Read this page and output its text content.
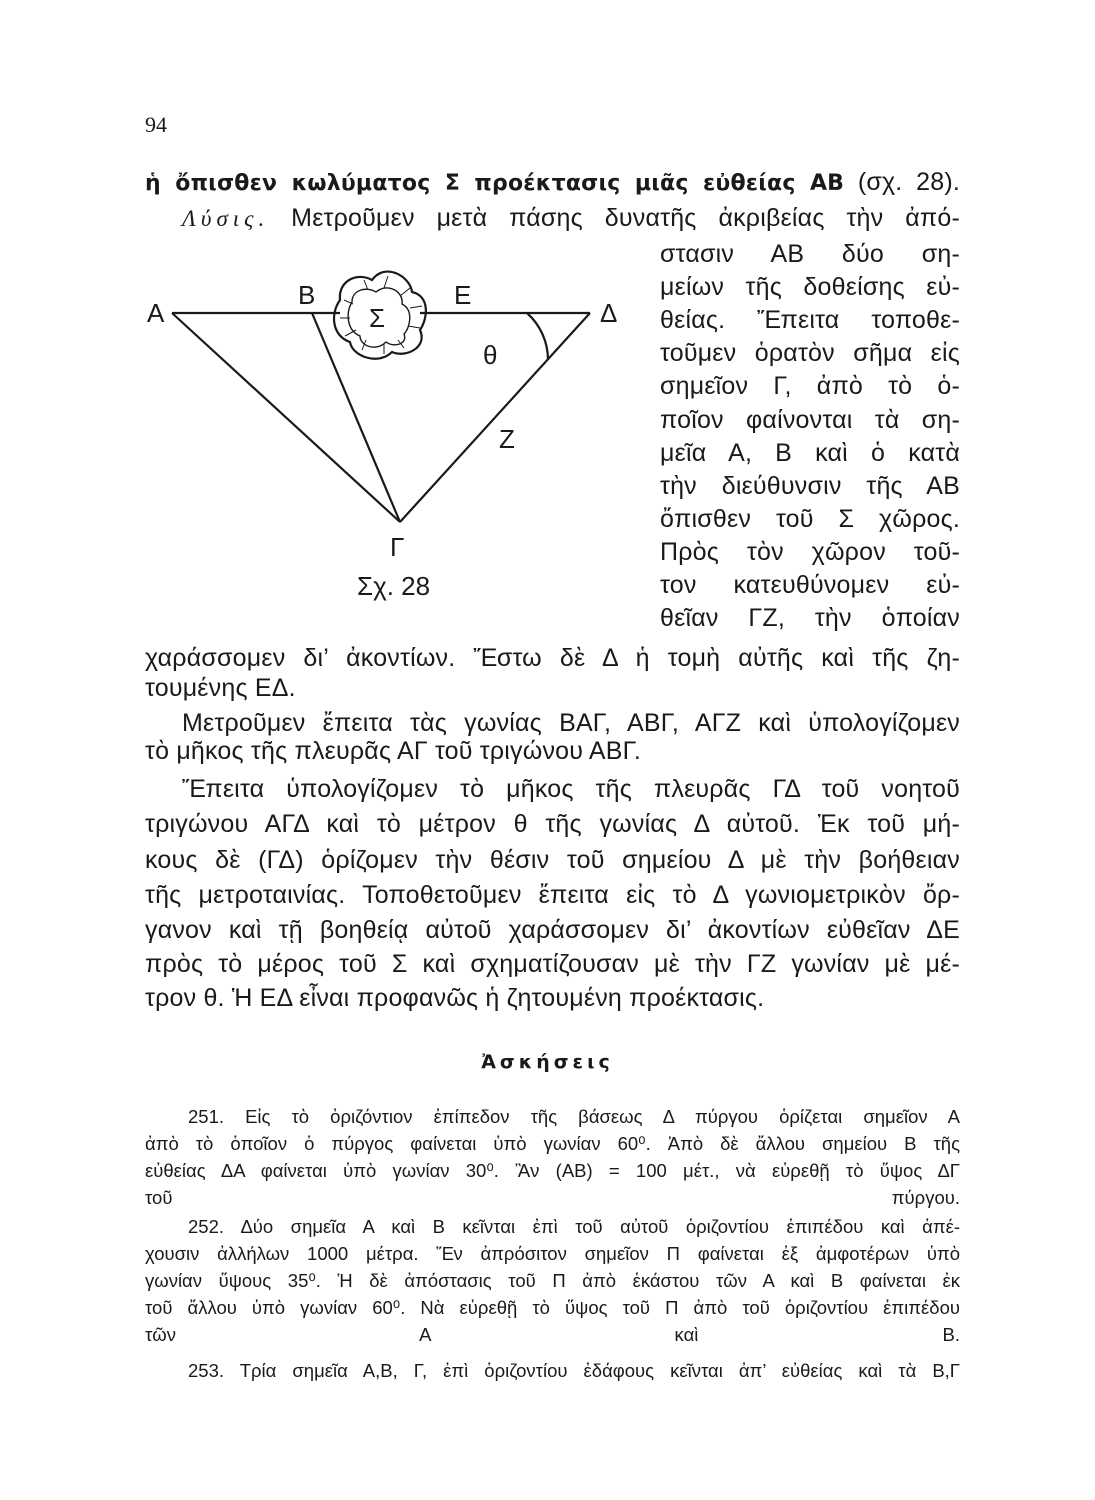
94
ἡ ὄπισθεν κωλύματος Σ προέκτασις μιᾶς εὐθείας ΑΒ (σχ. 28).
Λύσις. Μετροῦμεν μετὰ πάσης δυνατῆς ἀκριβείας τὴν ἀπό-
στασιν ΑΒ δύο ση-
μείων τῆς δοθείσης εὐ-
θείας. Ἔπειτα τοποθε-
τοῦμεν ὁρατὸν σῆμα εἰς
σημεῖον Γ, ἀπὸ τὸ ὁ-
ποῖον φαίνονται τὰ ση-
μεῖα Α, Β καὶ ὁ κατὰ
τὴν διεύθυνσιν τῆς ΑΒ
ὄπισθεν τοῦ Σ χῶρος.
Πρὸς τὸν χῶρον τοῦ-
τον κατευθύνομεν εὐ-
θεῖαν ΓΖ, τὴν ὁποίαν
χαράσσομεν δι’ ἀκοντίων. Ἔστω δὲ Δ ἡ τομὴ αὐτῆς καὶ τῆς ζη-
τουμένης ΕΔ.
Μετροῦμεν ἔπειτα τὰς γωνίας ΒΑΓ, ΑΒΓ, ΑΓΖ καὶ ὑπολογίζομεν
τὸ μῆκος τῆς πλευρᾶς ΑΓ τοῦ τριγώνου ΑΒΓ.
Ἔπειτα ὑπολογίζομεν τὸ μῆκος τῆς πλευρᾶς ΓΔ τοῦ νοητοῦ
τριγώνου ΑΓΔ καὶ τὸ μέτρον θ τῆς γωνίας Δ αὐτοῦ. Ἐκ τοῦ μή-
κους δὲ (ΓΔ) ὁρίζομεν τὴν θέσιν τοῦ σημείου Δ μὲ τὴν βοήθειαν
τῆς μετροταινίας. Τοποθετοῦμεν ἔπειτα εἰς τὸ Δ γωνιομετρικὸν ὄρ-
γανον καὶ τῇ βοηθείᾳ αὐτοῦ χαράσσομεν δι’ ἀκοντίων εὐθεῖαν ΔΕ
πρὸς τὸ μέρος τοῦ Σ καὶ σχηματίζουσαν μὲ τὴν ΓΖ γωνίαν μὲ μέ-
τρον θ. Ἡ ΕΔ εἶναι προφανῶς ἡ ζητουμένη προέκτασις.
Α
Β	Ε
Δ
θ
Ζ
Γ
Σ
Σχ. 28
Ἀσκήσεις
251. Εἰς τὸ ὁριζόντιον ἐπίπεδον τῆς βάσεως Δ πύργου ὁρίζεται σημεῖον Α
ἀπὸ τὸ ὁποῖον ὁ πύργος φαίνεται ὑπὸ γωνίαν 60⁰. Ἀπὸ δὲ ἄλλου σημείου Β τῆς
εὐθείας ΔΑ φαίνεται ὑπὸ γωνίαν 30⁰. Ἂν (ΑΒ) = 100 μέτ., νὰ εὑρεθῇ τὸ ὕψος ΔΓ
τοῦ πύργου.
252. Δύο σημεῖα Α καὶ Β κεῖνται ἐπὶ τοῦ αὐτοῦ ὁριζοντίου ἐπιπέδου καὶ ἀπέ-
χουσιν ἀλλήλων 1000 μέτρα. Ἕν ἀπρόσιτον σημεῖον Π φαίνεται ἐξ ἀμφοτέρων ὑπὸ
γωνίαν ὕψους 35⁰. Ἡ δὲ ἀπόστασις τοῦ Π ἀπὸ ἑκάστου τῶν Α καὶ Β φαίνεται ἐκ
τοῦ ἄλλου ὑπὸ γωνίαν 60⁰. Νὰ εὑρεθῇ τὸ ὕψος τοῦ Π ἀπὸ τοῦ ὁριζοντίου ἐπιπέδου
τῶν Α καὶ Β.
253. Τρία σημεῖα Α,Β, Γ, ἐπὶ ὁριζοντίου ἐδάφους κεῖνται ἀπ’ εὐθείας καὶ τὰ Β,Γ
